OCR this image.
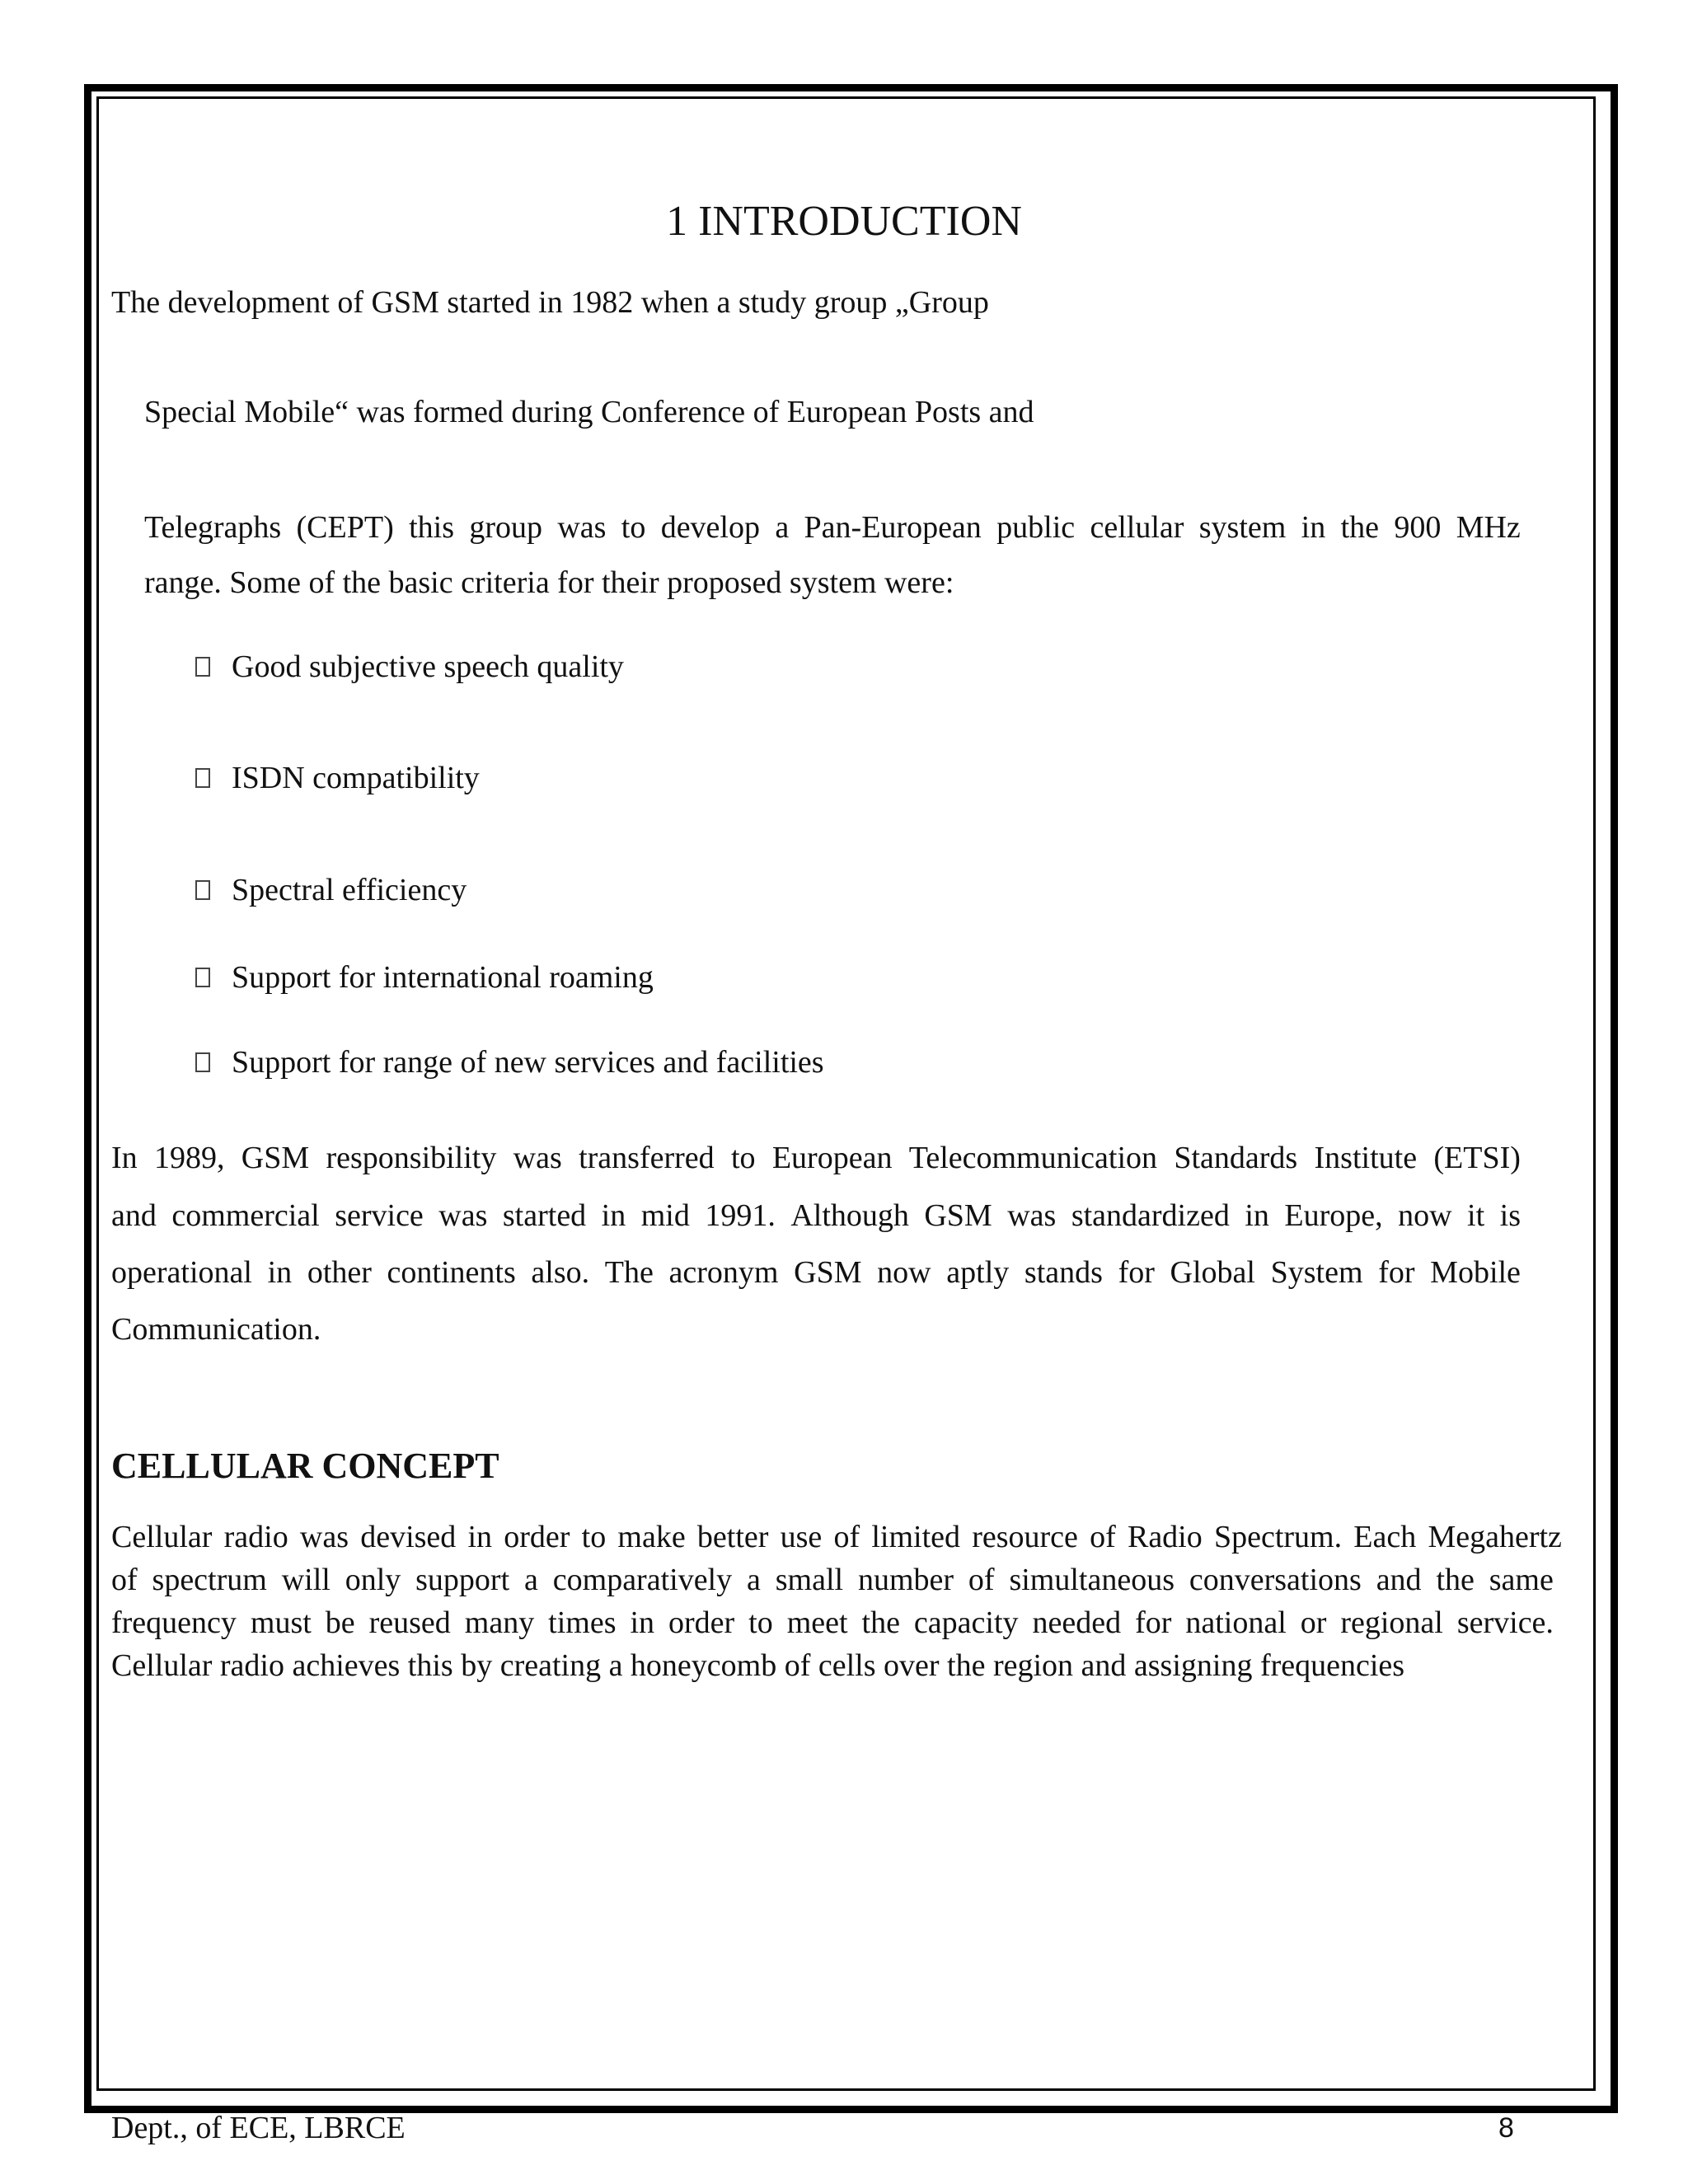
1 INTRODUCTION
The development of GSM started in 1982 when a study group „Group
Special Mobile“ was formed during Conference of European Posts and
Telegraphs (CEPT) this group was to develop a Pan-European public cellular system in the 900 MHz
range. Some of the basic criteria for their proposed system were:
Good subjective speech quality
ISDN compatibility
Spectral efficiency
Support for international roaming
Support for range of new services and facilities
In 1989, GSM responsibility was transferred to European Telecommunication Standards Institute (ETSI)
and commercial service was started in mid 1991. Although GSM was standardized in Europe, now it is
operational in other continents also. The acronym GSM now aptly stands for Global System for Mobile
Communication.
CELLULAR CONCEPT
Cellular radio was devised in order to make better use of limited resource of Radio Spectrum. Each Megahertz
of spectrum will only support a comparatively a small number of simultaneous conversations and the same
frequency must be reused many times in order to meet the capacity needed for national or regional service.
Cellular radio achieves this by creating a honeycomb of cells over the region and assigning frequencies
Dept., of ECE, LBRCE	8
